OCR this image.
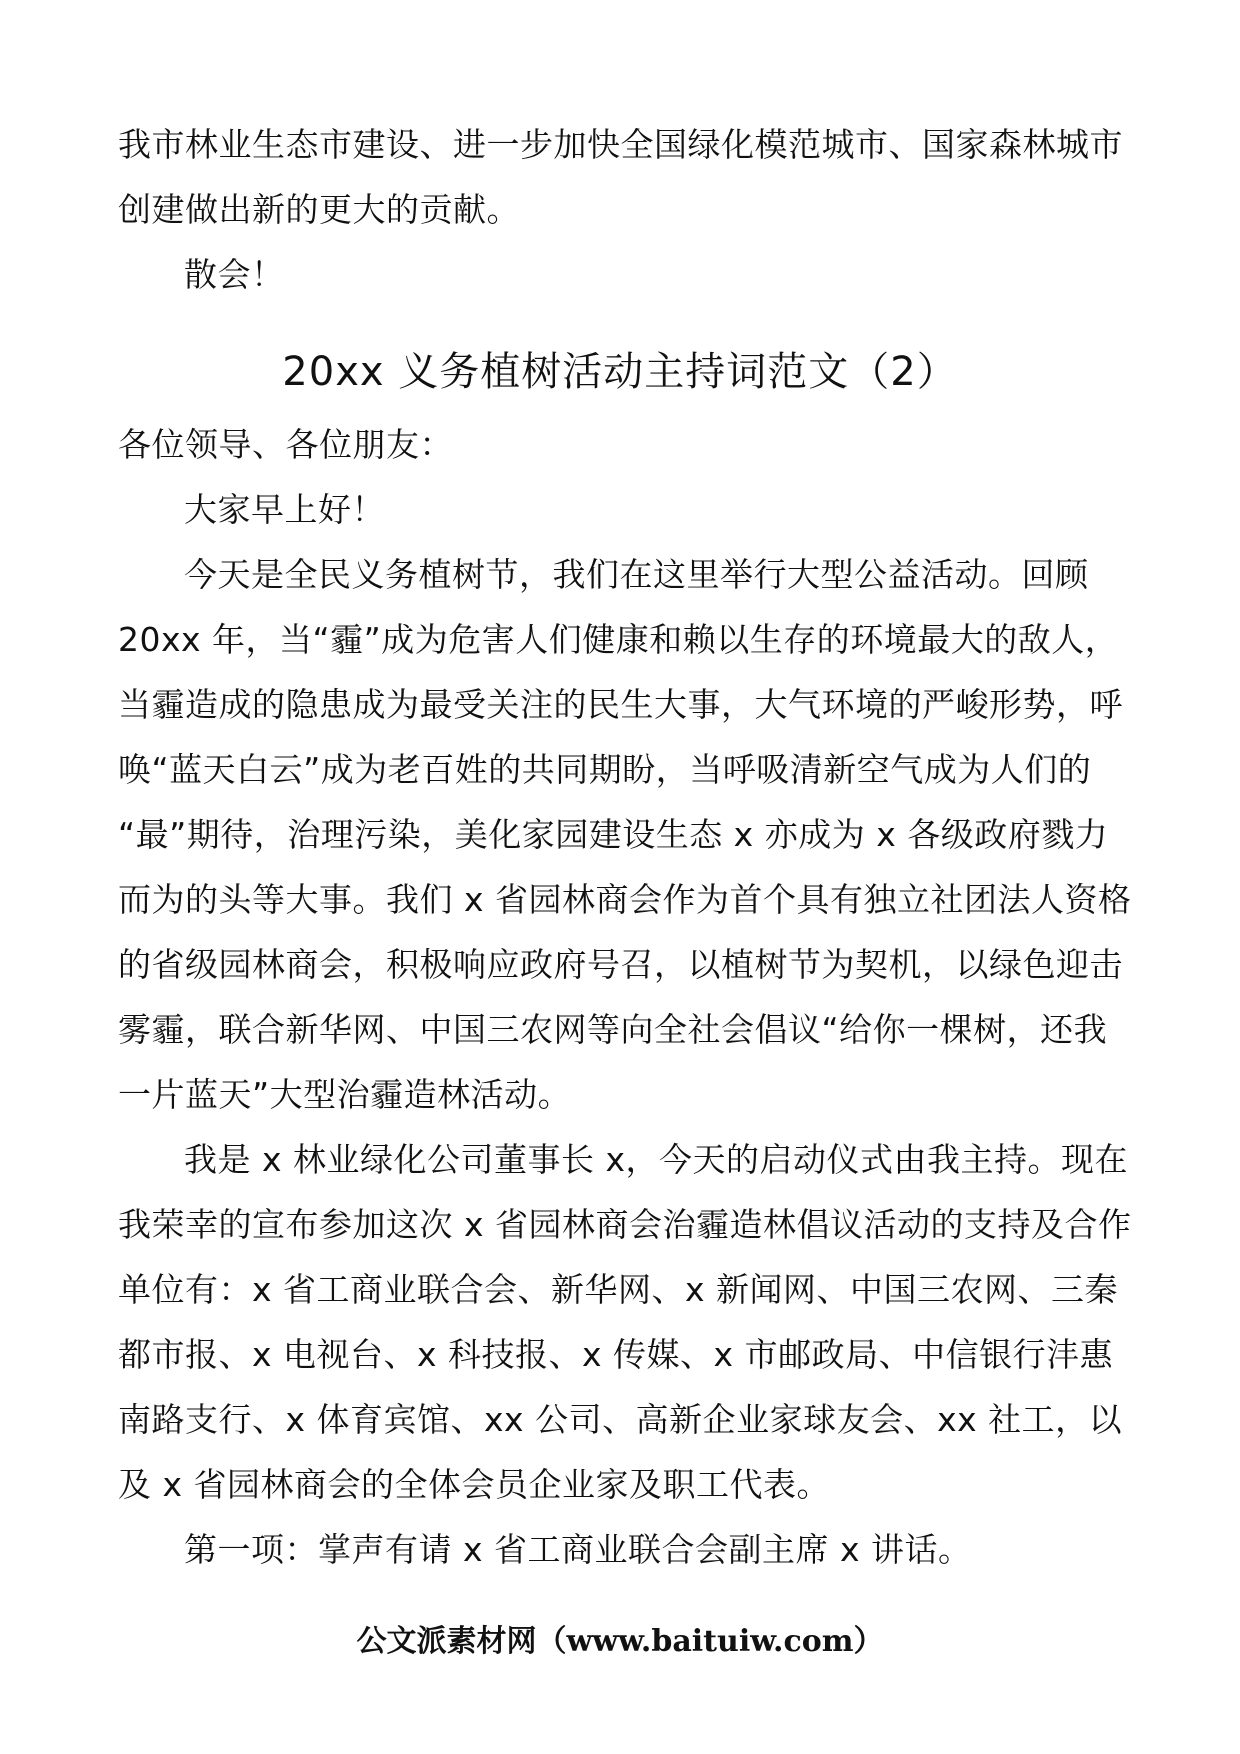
我市林业生态市建设、进一步加快全国绿化模范城市、国家森林城市
创建做出新的更大的贡献。
散会！
20xx 义务植树活动主持词范文（2）
各位领导、各位朋友：
大家早上好！
今天是全民义务植树节，我们在这里举行大型公益活动。回顾
20xx 年，当“霾”成为危害人们健康和赖以生存的环境最大的敌人，
当霾造成的隐患成为最受关注的民生大事，大气环境的严峻形势，呼
唤“蓝天白云”成为老百姓的共同期盼，当呼吸清新空气成为人们的
“最”期待，治理污染，美化家园建设生态 x 亦成为 x 各级政府戮力
而为的头等大事。我们 x 省园林商会作为首个具有独立社团法人资格
的省级园林商会，积极响应政府号召，以植树节为契机，以绿色迎击
雾霾，联合新华网、中国三农网等向全社会倡议“给你一棵树，还我
一片蓝天”大型治霾造林活动。
我是 x 林业绿化公司董事长 x，今天的启动仪式由我主持。现在
我荣幸的宣布参加这次 x 省园林商会治霾造林倡议活动的支持及合作
单位有：x 省工商业联合会、新华网、x 新闻网、中国三农网、三秦
都市报、x 电视台、x 科技报、x 传媒、x 市邮政局、中信银行沣惠
南路支行、x 体育宾馆、xx 公司、高新企业家球友会、xx 社工，以
及 x 省园林商会的全体会员企业家及职工代表。
第一项：掌声有请 x 省工商业联合会副主席 x 讲话。
公文派素材网（www.baituiw.com）
